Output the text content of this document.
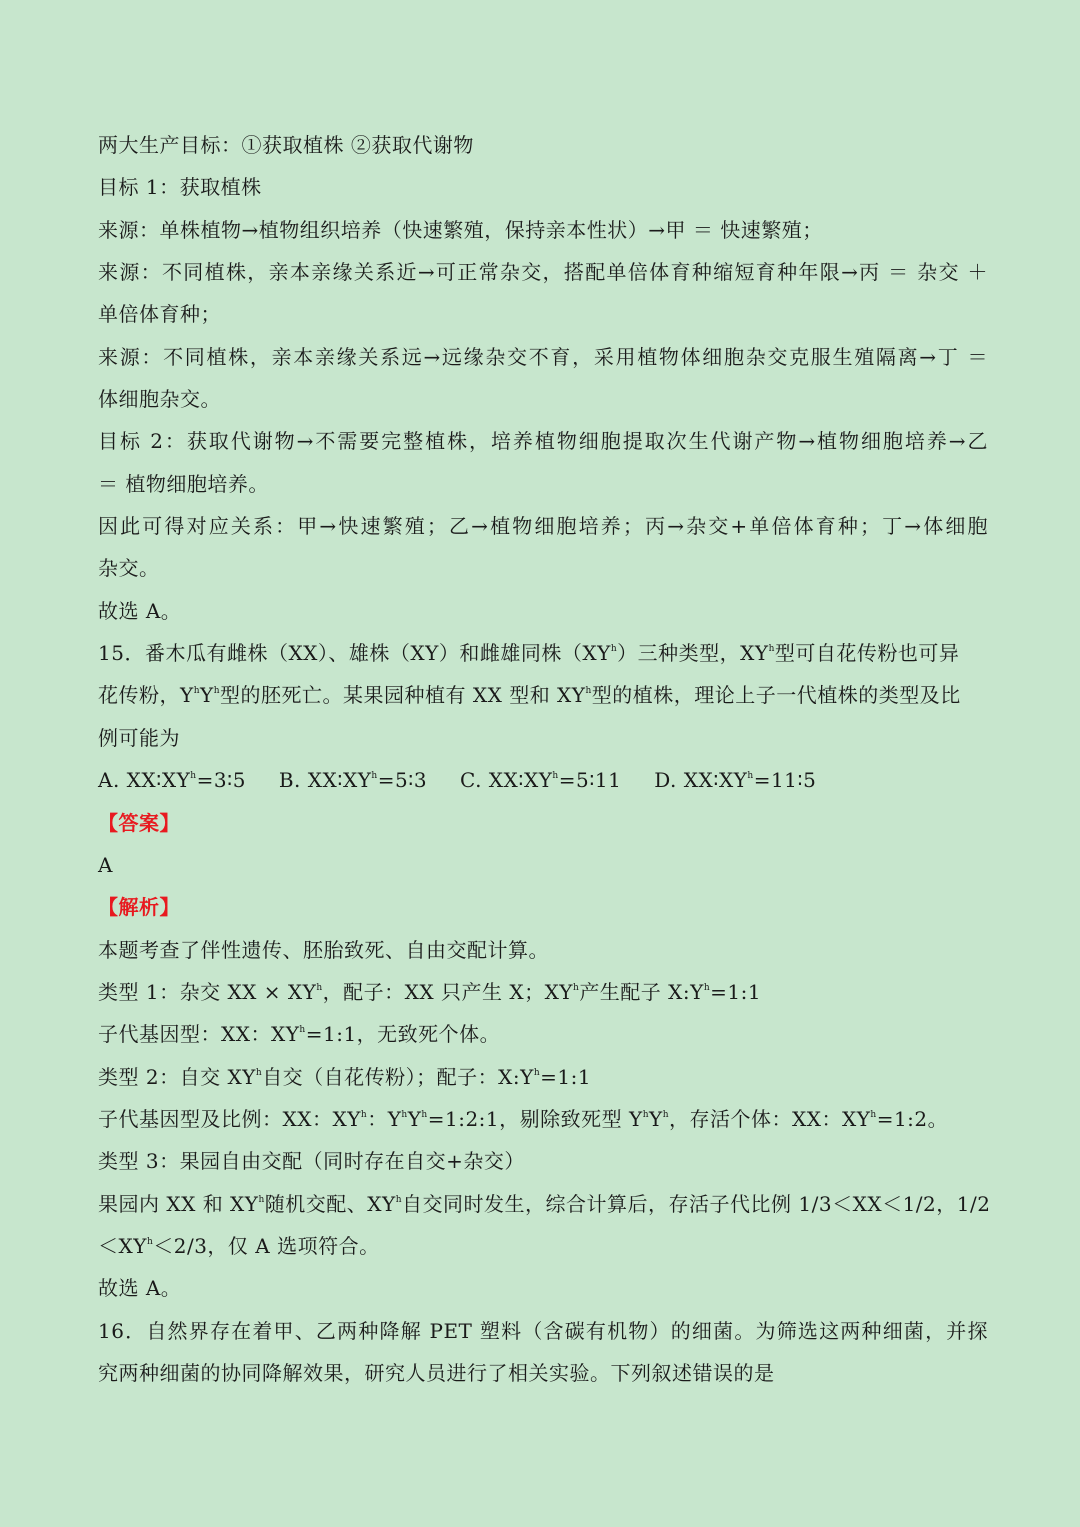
两大生产目标：①获取植株 ②获取代谢物
目标 1：获取植株
来源：单株植物→植物组织培养（快速繁殖，保持亲本性状）→甲 ＝ 快速繁殖；
来源：不同植株，亲本亲缘关系近→可正常杂交，搭配单倍体育种缩短育种年限→丙 ＝ 杂交 ＋
单倍体育种；
来源：不同植株，亲本亲缘关系远→远缘杂交不育，采用植物体细胞杂交克服生殖隔离→丁 ＝
体细胞杂交。
目标 2：获取代谢物→不需要完整植株，培养植物细胞提取次生代谢产物→植物细胞培养→乙
＝ 植物细胞培养。
因此可得对应关系：甲→快速繁殖；乙→植物细胞培养；丙→杂交+单倍体育种；丁→体细胞
杂交。
故选 A。
15．番木瓜有雌株（XX）、雄株（XY）和雌雄同株$(XY^h)$三种类型，$XY^h$型可自花传粉也可异
花传粉，$Y^hY^h$型的胚死亡。某果园种植有 XX 型和 $XY^h$型的植株，理论上子一代植株的类型及比
例可能为
A. $XX∶XY^h=3∶5$ B. $XX∶XY^h=5∶3$ C. $XX∶XY^h=5∶11$ D. $XX∶XY^h=11∶5$
【答案】
A
【解析】
本题考查了伴性遗传、胚胎致死、自由交配计算。
类型 1：杂交 XX × $XY^h$，配子：XX 只产生 X；$XY^h$产生配子 $X:Y^h=1:1$
子代基因型：XX：$XY^h=1:1$，无致死个体。
类型 2：自交 $XY^h$自交（自花传粉）；配子：$X:Y^h=1:1$
子代基因型及比例：XX：$XY^h$：$Y^hY^h=1:2:1$，剔除致死型 $Y^hY^h$，存活个体：XX：$XY^h=1:2$。
类型 3：果园自由交配（同时存在自交+杂交）
果园内 XX 和 $XY^h$随机交配、$XY^h$自交同时发生，综合计算后，存活子代比例 1/3＜XX＜1/2，1/2
$<XY^h<2/3$，仅 A 选项符合。
故选 A。
16．自然界存在着甲、乙两种降解 PET 塑料（含碳有机物）的细菌。为筛选这两种细菌，并探
究两种细菌的协同降解效果，研究人员进行了相关实验。下列叙述错误的是
